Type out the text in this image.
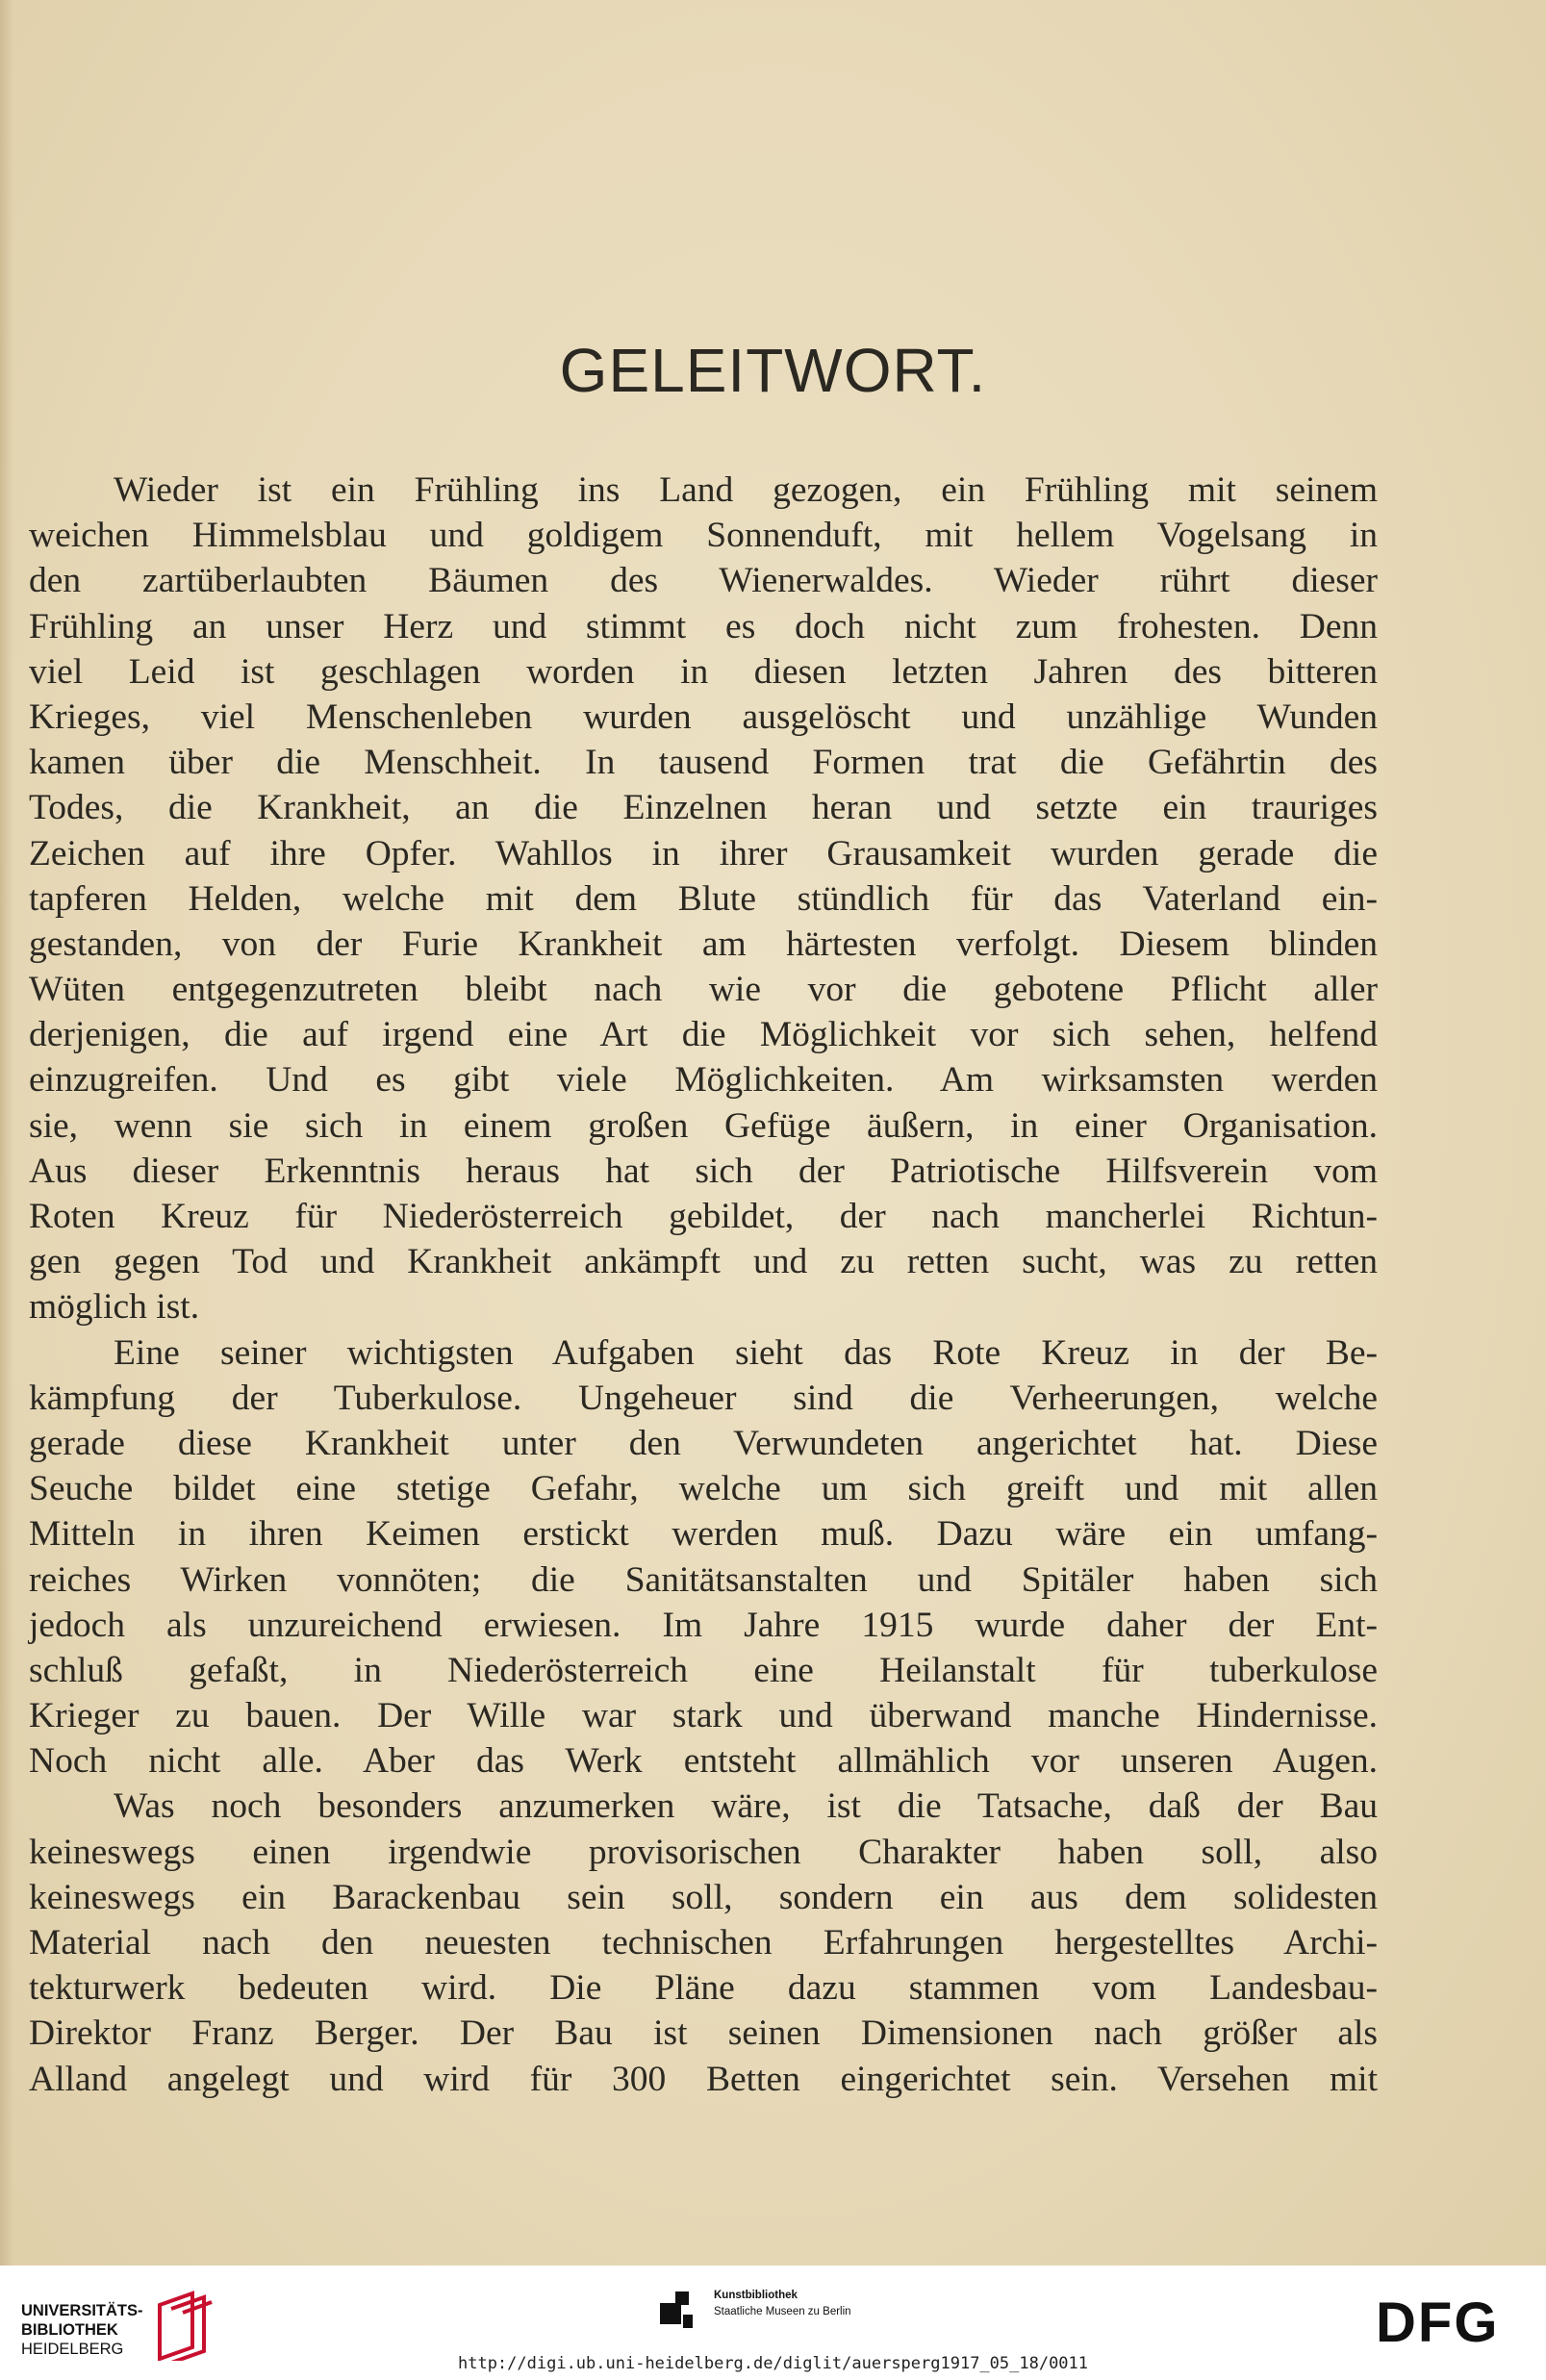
GELEITWORT.
Wieder ist ein Frühling ins Land gezogen, ein Frühling mit seinem
weichen Himmelsblau und goldigem Sonnenduft, mit hellem Vogelsang in
den zartüberlaubten Bäumen des Wienerwaldes. Wieder rührt dieser
Frühling an unser Herz und stimmt es doch nicht zum frohesten. Denn
viel Leid ist geschlagen worden in diesen letzten Jahren des bitteren
Krieges, viel Menschenleben wurden ausgelöscht und unzählige Wunden
kamen über die Menschheit. In tausend Formen trat die Gefährtin des
Todes, die Krankheit, an die Einzelnen heran und setzte ein trauriges
Zeichen auf ihre Opfer. Wahllos in ihrer Grausamkeit wurden gerade die
tapferen Helden, welche mit dem Blute stündlich für das Vaterland ein-
gestanden, von der Furie Krankheit am härtesten verfolgt. Diesem blinden
Wüten entgegenzutreten bleibt nach wie vor die gebotene Pflicht aller
derjenigen, die auf irgend eine Art die Möglichkeit vor sich sehen, helfend
einzugreifen. Und es gibt viele Möglichkeiten. Am wirksamsten werden
sie, wenn sie sich in einem großen Gefüge äußern, in einer Organisation.
Aus dieser Erkenntnis heraus hat sich der Patriotische Hilfsverein vom
Roten Kreuz für Niederösterreich gebildet, der nach mancherlei Richtun-
gen gegen Tod und Krankheit ankämpft und zu retten sucht, was zu retten
möglich ist.
Eine seiner wichtigsten Aufgaben sieht das Rote Kreuz in der Be-
kämpfung der Tuberkulose. Ungeheuer sind die Verheerungen, welche
gerade diese Krankheit unter den Verwundeten angerichtet hat. Diese
Seuche bildet eine stetige Gefahr, welche um sich greift und mit allen
Mitteln in ihren Keimen erstickt werden muß. Dazu wäre ein umfang-
reiches Wirken vonnöten; die Sanitätsanstalten und Spitäler haben sich
jedoch als unzureichend erwiesen. Im Jahre 1915 wurde daher der Ent-
schluß gefaßt, in Niederösterreich eine Heilanstalt für tuberkulose
Krieger zu bauen. Der Wille war stark und überwand manche Hindernisse.
Noch nicht alle. Aber das Werk entsteht allmählich vor unseren Augen.
Was noch besonders anzumerken wäre, ist die Tatsache, daß der Bau
keineswegs einen irgendwie provisorischen Charakter haben soll, also
keineswegs ein Barackenbau sein soll, sondern ein aus dem solidesten
Material nach den neuesten technischen Erfahrungen hergestelltes Archi-
tekturwerk bedeuten wird. Die Pläne dazu stammen vom Landesbau-
Direktor Franz Berger. Der Bau ist seinen Dimensionen nach größer als
Alland angelegt und wird für 300 Betten eingerichtet sein. Versehen mit
UNIVERSITÄTS-
BIBLIOTHEK
HEIDELBERG
Kunstbibliothek
Staatliche Museen zu Berlin	DFG
http://digi.ub.uni-heidelberg.de/diglit/auersperg1917_05_18/0011
